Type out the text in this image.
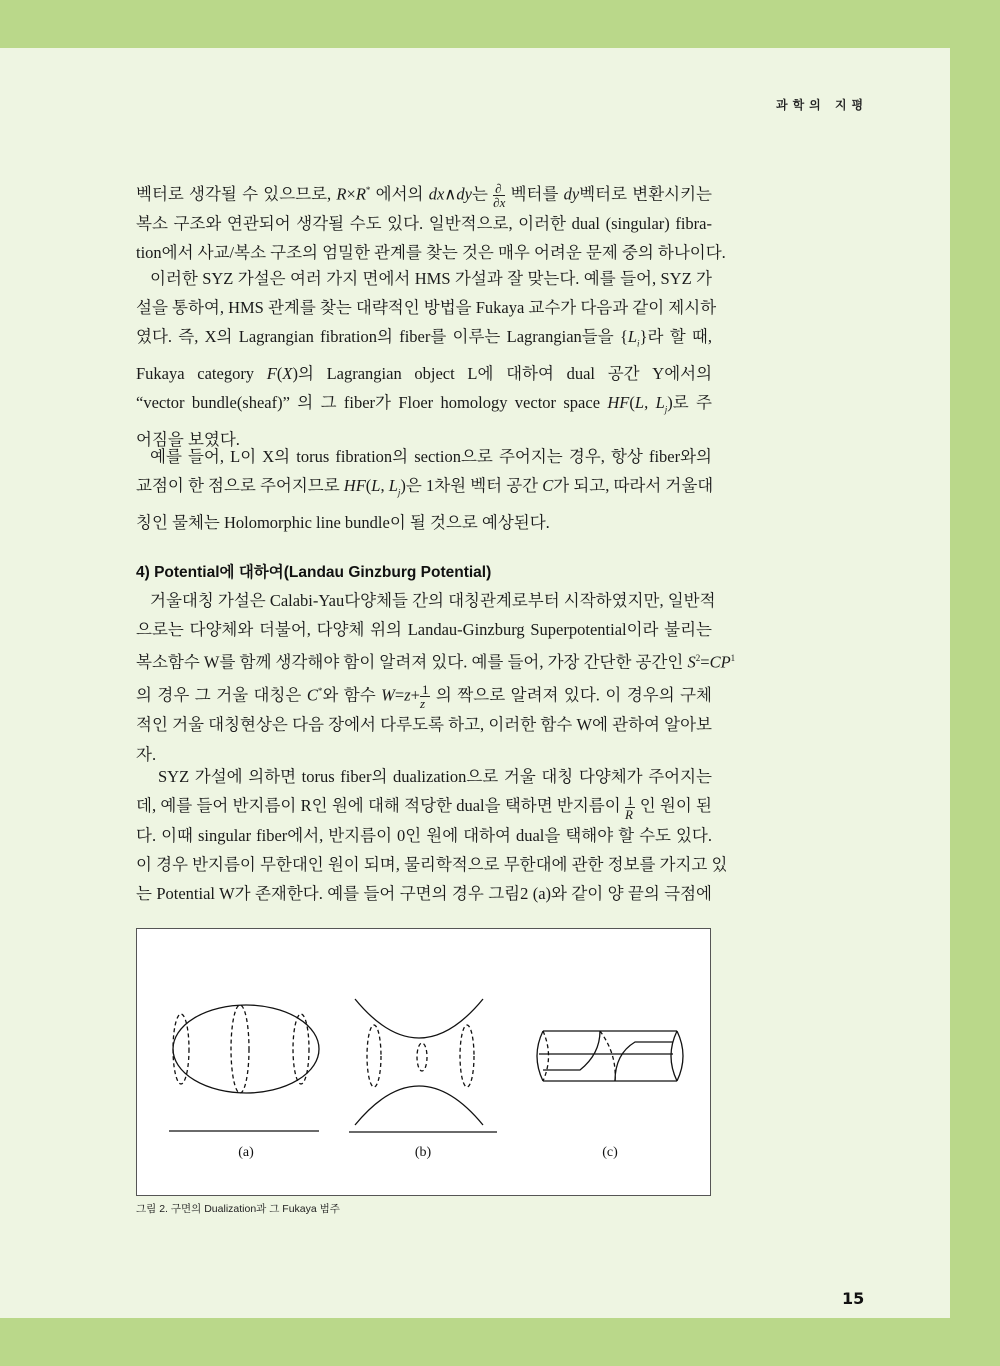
과학의 지평
벡터로 생각될 수 있으므로, R×R* 에서의 dx∧dy는 $\frac{\partial}{\partial x}$ 벡터를 dy벡터로 변환시키는
복소 구조와 연관되어 생각될 수도 있다. 일반적으로, 이러한 dual (singular) fibra-
tion에서 사교/복소 구조의 엄밀한 관계를 찾는 것은 매우 어려운 문제 중의 하나이다.
이러한 SYZ 가설은 여러 가지 면에서 HMS 가설과 잘 맞는다. 예를 들어, SYZ 가
설을 통하여, HMS 관계를 찾는 대략적인 방법을 Fukaya 교수가 다음과 같이 제시하
였다. 즉, X의 Lagrangian fibration의 fiber를 이루는 Lagrangian들을 $\{L_i\}$라 할 때,
Fukaya category F(X)의 Lagrangian object L에 대하여 dual 공간 Y에서의
“vector bundle(sheaf)” 의 그 fiber가 Floer homology vector space HF(L, $L_j$)로 주
어짐을 보였다.
예를 들어, L이 X의 torus fibration의 section으로 주어지는 경우, 항상 fiber와의
교점이 한 점으로 주어지므로 HF(L, $L_j$)은 1차원 벡터 공간 C가 되고, 따라서 거울대
칭인 물체는 Holomorphic line bundle이 될 것으로 예상된다.
4) Potential에 대하여(Landau Ginzburg Potential)
거울대칭 가설은 Calabi-Yau다양체들 간의 대칭관계로부터 시작하였지만, 일반적
으로는 다양체와 더불어, 다양체 위의 Landau-Ginzburg Superpotential이라 불리는
복소함수 W를 함께 생각해야 함이 알려져 있다. 예를 들어, 가장 간단한 공간인 $S^2=CP^1$
의 경우 그 거울 대칭은 C*와 함수 $W=z+ \frac{1}{z}$ 의 짝으로 알려져 있다. 이 경우의 구체
적인 거울 대칭현상은 다음 장에서 다루도록 하고, 이러한 함수 W에 관하여 알아보
자.
SYZ 가설에 의하면 torus fiber의 dualization으로 거울 대칭 다양체가 주어지는
데, 예를 들어 반지름이 R인 원에 대해 적당한 dual을 택하면 반지름이 $\frac{1}{R}$ 인 원이 된
다. 이때 singular fiber에서, 반지름이 0인 원에 대하여 dual을 택해야 할 수도 있다.
이 경우 반지름이 무한대인 원이 되며, 물리학적으로 무한대에 관한 정보를 가지고 있
는 Potential W가 존재한다. 예를 들어 구면의 경우 그림2 (a)와 같이 양 끝의 극점에
(a)	(b)	(c)
그림 2. 구면의 Dualization과 그 Fukaya 범주
15
